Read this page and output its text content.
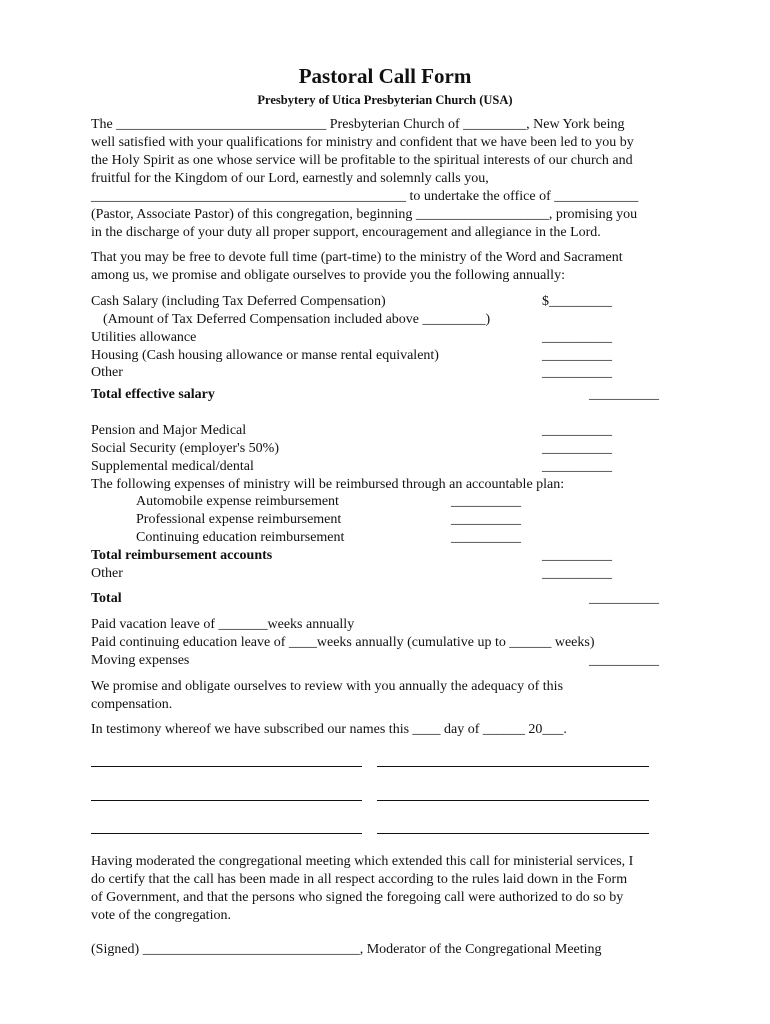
Pastoral Call Form
Presbytery of Utica Presbyterian Church (USA)
The ______________________________ Presbyterian Church of _________, New York being
well satisfied with your qualifications for ministry and confident that we have been led to you by
the Holy Spirit as one whose service will be profitable to the spiritual interests of our church and
fruitful for the Kingdom of our Lord, earnestly and solemnly calls you,
_____________________________________________ to undertake the office of ____________
(Pastor, Associate Pastor) of this congregation, beginning ___________________, promising you
in the discharge of your duty all proper support, encouragement and allegiance in the Lord.
That you may be free to devote full time (part-time) to the ministry of the Word and Sacrament
among us, we promise and obligate ourselves to provide you the following annually:
Cash Salary (including Tax Deferred Compensation)	$_________
(Amount of Tax Deferred Compensation included above _________)
Utilities allowance	__________
Housing (Cash housing allowance or manse rental equivalent)	__________
Other	__________
Total effective salary	__________
Pension and Major Medical	__________
Social Security (employer's 50%)	__________
Supplemental medical/dental	__________
The following expenses of ministry will be reimbursed through an accountable plan:
Automobile expense reimbursement	__________
Professional expense reimbursement	__________
Continuing education reimbursement	__________
Total reimbursement accounts	__________
Other	__________
Total	__________
Paid vacation leave of _______weeks annually
Paid continuing education leave of ____weeks annually (cumulative up to ______ weeks)
Moving expenses	__________
We promise and obligate ourselves to review with you annually the adequacy of this
compensation.
In testimony whereof we have subscribed our names this ____ day of ______ 20___.
Having moderated the congregational meeting which extended this call for ministerial services, I
do certify that the call has been made in all respect according to the rules laid down in the Form
of Government, and that the persons who signed the foregoing call were authorized to do so by
vote of the congregation.
(Signed) _______________________________, Moderator of the Congregational Meeting
